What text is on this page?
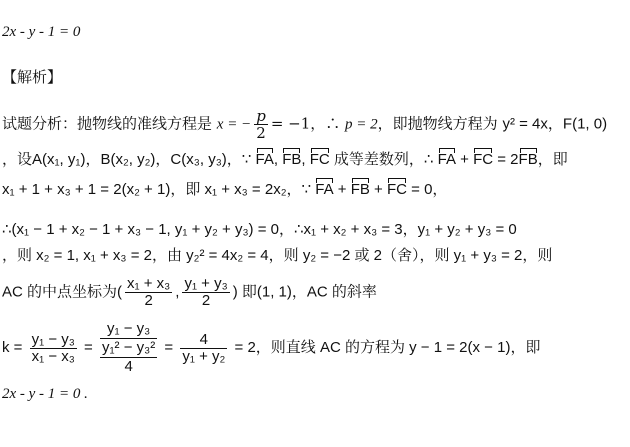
2x - y - 1 = 0
【解析】
试题分析：抛物线的准线方程是 x = − $\frac{p}{2} = -1$，∴ p = 2，即抛物线方程为 y² = 4x，F(1, 0)
，设A(x₁, y₁)，B(x₂, y₂)，C(x₃, y₃)，∵ FA, FB, FC 成等差数列，∴ FA + FC = 2FB，即
x₁ + 1 + x₃ + 1 = 2(x₂ + 1)，即 x₁ + x₃ = 2x₂，∵ FA + FB + FC = 0，
∴(x₁ − 1 + x₂ − 1 + x₃ − 1, y₁ + y₂ + y₃) = 0，∴x₁ + x₂ + x₃ = 3，y₁ + y₂ + y₃ = 0
，则 x₂ = 1, x₁ + x₃ = 2，由 y₂² = 4x₂ = 4，则 y₂ = −2 或 2（舍），则 y₁ + y₃ = 2，则
AC 的中点坐标为( $\frac{\text{x₁ + x₃}}{2}$ , $\frac{\text{y₁ + y₃}}{2}$ ) 即(1, 1)，AC 的斜率
$k = \frac{\text{y₁ − y₃}}{\text{x₁ − x₃}}$ =
y₁ − y₃
y₁² − y₃²
4
= $\frac{4}{\text{y₁ + y₂}} = 2$，则直线 AC 的方程为 y − 1 = 2(x − 1)，即
2x - y - 1 = 0 .
